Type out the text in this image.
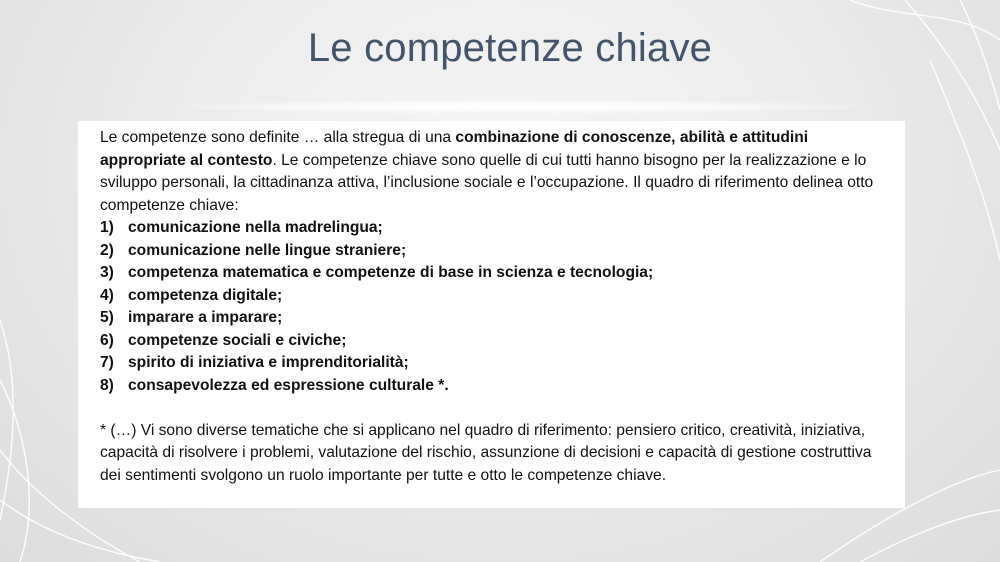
Le competenze chiave

Le competenze sono definite … alla stregua di una combinazione di conoscenze, abilità e attitudini appropriate al contesto. Le competenze chiave sono quelle di cui tutti hanno bisogno per la realizzazione e lo sviluppo personali, la cittadinanza attiva, l’inclusione sociale e l’occupazione. Il quadro di riferimento delinea otto competenze chiave:

1) comunicazione nella madrelingua;
2) comunicazione nelle lingue straniere;
3) competenza matematica e competenze di base in scienza e tecnologia;
4) competenza digitale;
5) imparare a imparare;
6) competenze sociali e civiche;
7) spirito di iniziativa e imprenditorialità;
8) consapevolezza ed espressione culturale *.

* (…) Vi sono diverse tematiche che si applicano nel quadro di riferimento: pensiero critico, creatività, iniziativa, capacità di risolvere i problemi, valutazione del rischio, assunzione di decisioni e capacità di gestione costruttiva dei sentimenti svolgono un ruolo importante per tutte e otto le competenze chiave.
